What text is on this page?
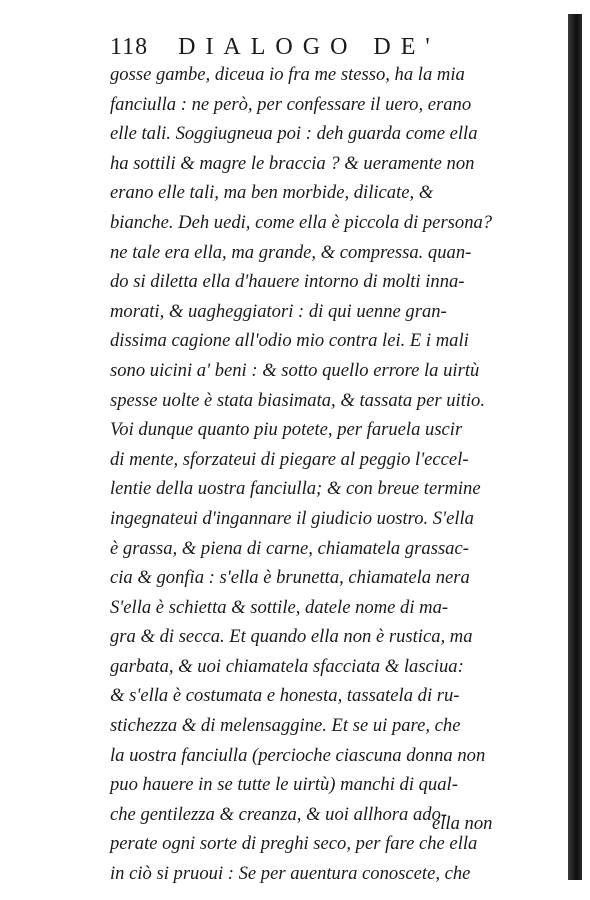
118 DIALOGO DE'
gosse gambe, diceua io fra me stesso, ha la mia
fanciulla : ne però, per confessare il uero, erano
elle tali. Soggiugneua poi : deh guarda come ella
ha sottili & magre le braccia ? & ueramente non
erano elle tali, ma ben morbide, dilicate, &
bianche. Deh uedi, come ella è piccola di persona?
ne tale era ella, ma grande, & compressa. quan-
do si diletta ella d'hauere intorno di molti inna-
morati, & uagheggiatori : di qui uenne gran-
dissima cagione all'odio mio contra lei. E i mali
sono uicini a' beni : & sotto quello errore la uirtù
spesse uolte è stata biasimata, & tassata per uitio.
Voi dunque quanto piu potete, per faruela uscir
di mente, sforzateui di piegare al peggio l'eccel-
lentie della uostra fanciulla; & con breue termine
ingegnateui d'ingannare il giudicio uostro. S'ella
è grassa, & piena di carne, chiamatela grassac-
cia & gonfia : s'ella è brunetta, chiamatela nera
S'ella è schietta & sottile, datele nome di ma-
gra & di secca. Et quando ella non è rustica, ma
garbata, & uoi chiamatela sfacciata & lasciua:
& s'ella è costumata e honesta, tassatela di ru-
stichezza & di melensaggine. Et se ui pare, che
la uostra fanciulla (percioche ciascuna donna non
puo hauere in se tutte le uirtù) manchi di qual-
che gentilezza & creanza, & uoi allhora ado-
perate ogni sorte di preghi seco, per fare che ella
in ciò si pruoui : Se per auentura conoscete, che
ella non
